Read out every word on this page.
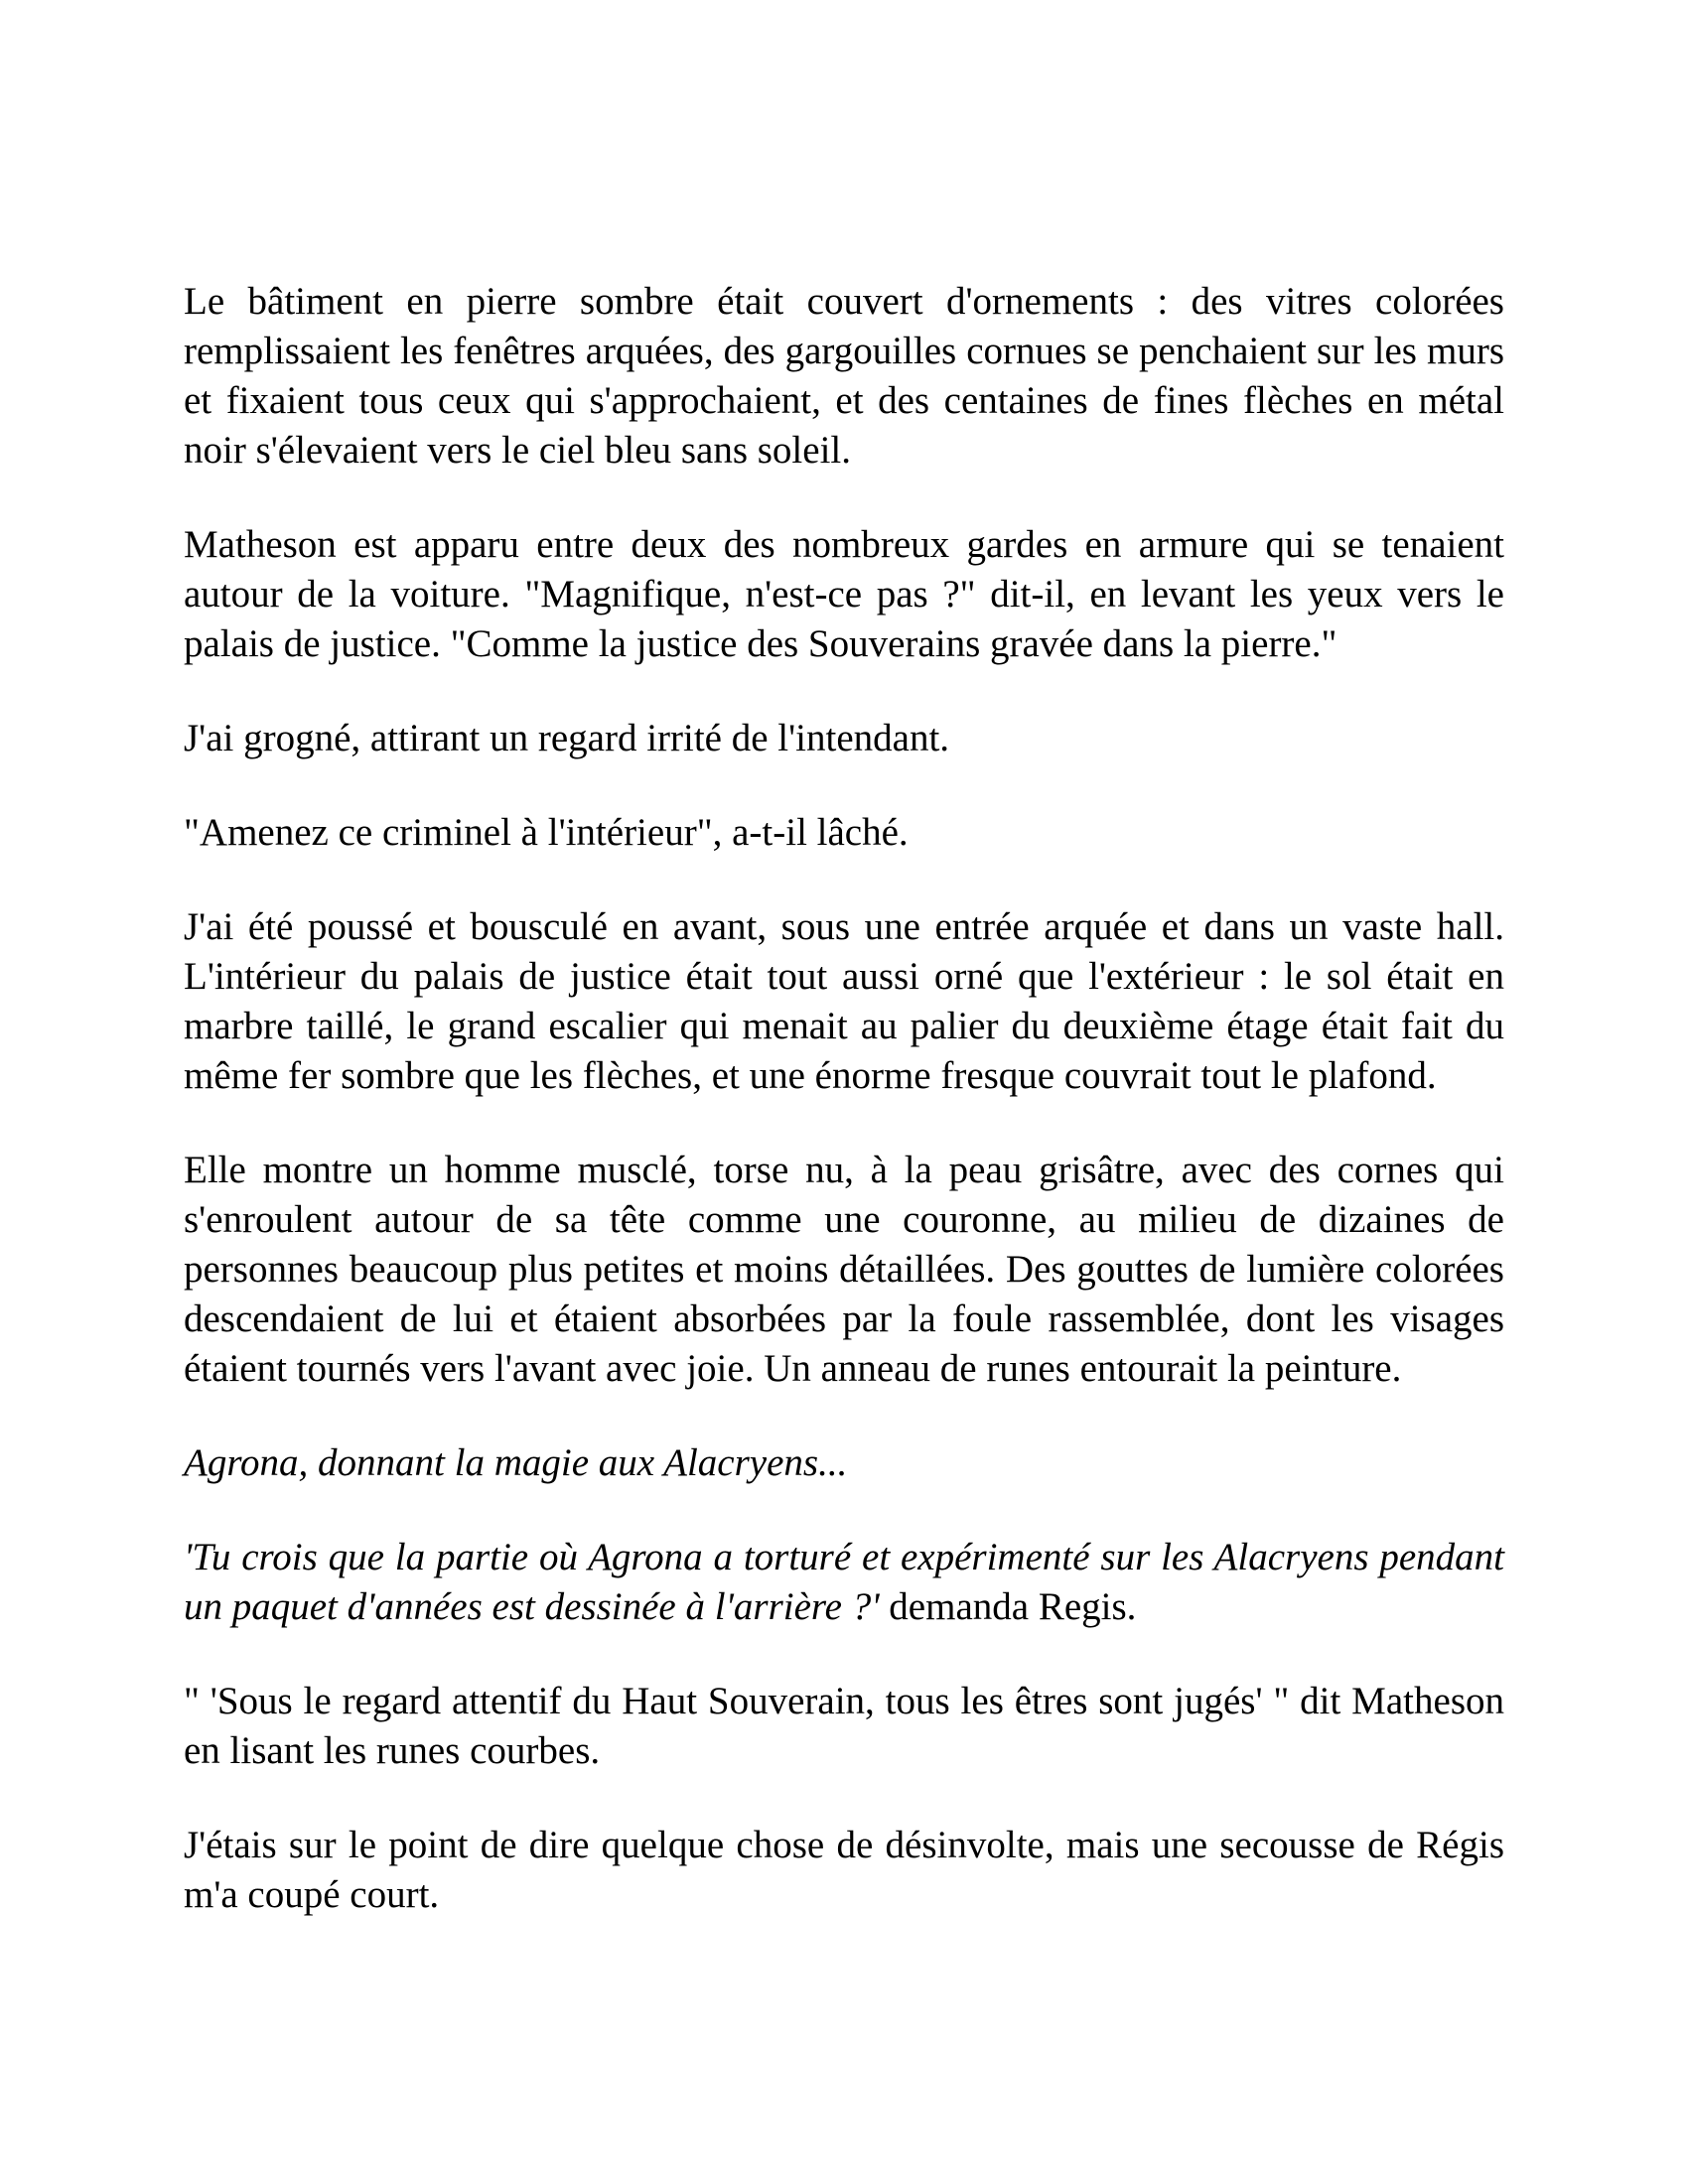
Le bâtiment en pierre sombre était couvert d'ornements : des vitres colorées remplissaient les fenêtres arquées, des gargouilles cornues se penchaient sur les murs et fixaient tous ceux qui s'approchaient, et des centaines de fines flèches en métal noir s'élevaient vers le ciel bleu sans soleil.

Matheson est apparu entre deux des nombreux gardes en armure qui se tenaient autour de la voiture. "Magnifique, n'est-ce pas ?" dit-il, en levant les yeux vers le palais de justice. "Comme la justice des Souverains gravée dans la pierre."

J'ai grogné, attirant un regard irrité de l'intendant.

"Amenez ce criminel à l'intérieur", a-t-il lâché.

J'ai été poussé et bousculé en avant, sous une entrée arquée et dans un vaste hall. L'intérieur du palais de justice était tout aussi orné que l'extérieur : le sol était en marbre taillé, le grand escalier qui menait au palier du deuxième étage était fait du même fer sombre que les flèches, et une énorme fresque couvrait tout le plafond.

Elle montre un homme musclé, torse nu, à la peau grisâtre, avec des cornes qui s'enroulent autour de sa tête comme une couronne, au milieu de dizaines de personnes beaucoup plus petites et moins détaillées. Des gouttes de lumière colorées descendaient de lui et étaient absorbées par la foule rassemblée, dont les visages étaient tournés vers l'avant avec joie. Un anneau de runes entourait la peinture.

Agrona, donnant la magie aux Alacryens...

'Tu crois que la partie où Agrona a torturé et expérimenté sur les Alacryens pendant un paquet d'années est dessinée à l'arrière ?' demanda Regis.

" 'Sous le regard attentif du Haut Souverain, tous les êtres sont jugés' " dit Matheson en lisant les runes courbes.

J'étais sur le point de dire quelque chose de désinvolte, mais une secousse de Régis m'a coupé court.
